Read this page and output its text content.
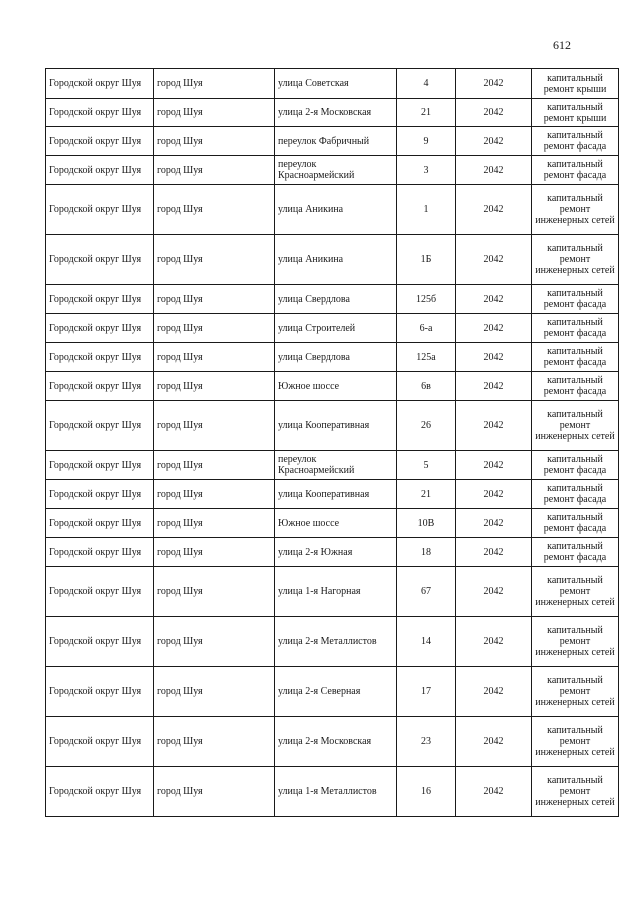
612
Городской округ Шуя	город Шуя	улица Советская	4	2042	капитальный ремонт крыши
Городской округ Шуя	город Шуя	улица 2-я Московская	21	2042	капитальный ремонт крыши
Городской округ Шуя	город Шуя	переулок Фабричный	9	2042	капитальный ремонт фасада
Городской округ Шуя	город Шуя	переулок Красноармейский	3	2042	капитальный ремонт фасада
Городской округ Шуя	город Шуя	улица Аникина	1	2042	капитальный ремонт инженерных сетей
Городской округ Шуя	город Шуя	улица Аникина	1Б	2042	капитальный ремонт инженерных сетей
Городской округ Шуя	город Шуя	улица Свердлова	125б	2042	капитальный ремонт фасада
Городской округ Шуя	город Шуя	улица Строителей	6-а	2042	капитальный ремонт фасада
Городской округ Шуя	город Шуя	улица Свердлова	125а	2042	капитальный ремонт фасада
Городской округ Шуя	город Шуя	Южное шоссе	6в	2042	капитальный ремонт фасада
Городской округ Шуя	город Шуя	улица Кооперативная	26	2042	капитальный ремонт инженерных сетей
Городской округ Шуя	город Шуя	переулок Красноармейский	5	2042	капитальный ремонт фасада
Городской округ Шуя	город Шуя	улица Кооперативная	21	2042	капитальный ремонт фасада
Городской округ Шуя	город Шуя	Южное шоссе	10В	2042	капитальный ремонт фасада
Городской округ Шуя	город Шуя	улица 2-я Южная	18	2042	капитальный ремонт фасада
Городской округ Шуя	город Шуя	улица 1-я Нагорная	67	2042	капитальный ремонт инженерных сетей
Городской округ Шуя	город Шуя	улица 2-я Металлистов	14	2042	капитальный ремонт инженерных сетей
Городской округ Шуя	город Шуя	улица 2-я Северная	17	2042	капитальный ремонт инженерных сетей
Городской округ Шуя	город Шуя	улица 2-я Московская	23	2042	капитальный ремонт инженерных сетей
Городской округ Шуя	город Шуя	улица 1-я Металлистов	16	2042	капитальный ремонт инженерных сетей
